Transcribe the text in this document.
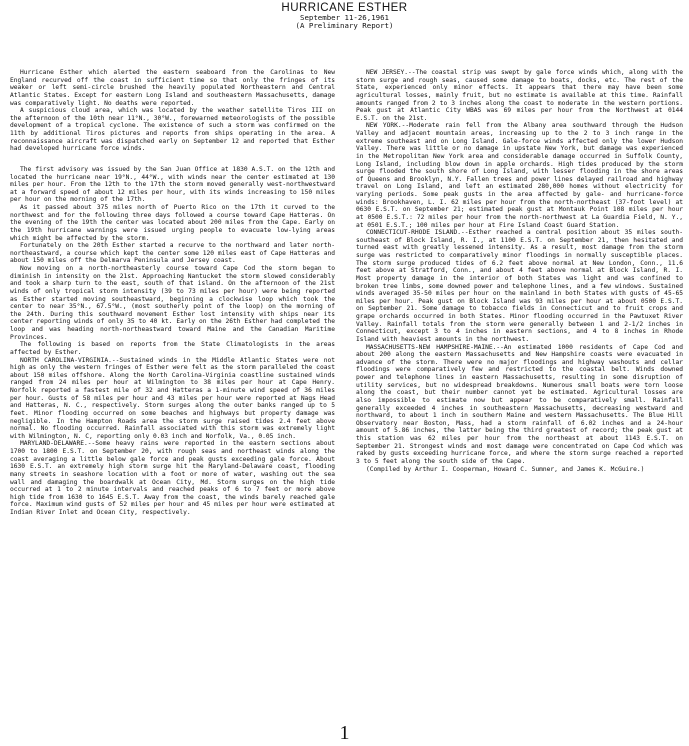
HURRICANE ESTHER
September 11-26,1961
(A Preliminary Report)

Hurricane Esther which alerted the eastern seaboard from the Carolinas to New England recurved off the coast in sufficient time so that only the fringes of its weaker or left semi-circle brushed the heavily populated Northeastern and Central Atlantic States. Except for eastern Long Island and southeastern Massachusetts, damage was comparatively light. No deaths were reported.

A suspicious cloud area, which was located by the weather satellite Tiros III on the afternoon of the 10th near 11°N., 30°W., forewarned meteorologists of the possible development of a tropical cyclone. The existence of such a storm was confirmed on the 11th by additional Tiros pictures and reports from ships operating in the area. A reconnaissance aircraft was dispatched early on September 12 and reported that Esther had developed hurricane force winds.

The first advisory was issued by the San Juan Office at 1830 A.S.T. on the 12th and located the hurricane near 19°N., 44°W., with winds near the center estimated at 130 miles per hour. From the 12th to the 17th the storm moved generally west-northwestward at a forward speed of about 12 miles per hour, with its winds increasing to 150 miles per hour on the morning of the 17th.

As it passed about 375 miles north of Puerto Rico on the 17th it curved to the northwest and for the following three days followed a course toward Cape Hatteras. On the evening of the 19th the center was located about 200 miles from the Cape. Early on the 19th hurricane warnings were issued urging people to evacuate low-lying areas which might be affected by the storm.

Fortunately on the 20th Esther started a recurve to the northward and later north-northeastward, a course which kept the center some 120 miles east of Cape Hatteras and about 150 miles off the Delmarva Peninsula and Jersey coast.

Now moving on a north-northeasterly course toward Cape Cod the storm began to diminish in intensity on the 21st. Approaching Nantucket the storm slowed considerably and took a sharp turn to the east, south of that island. On the afternoon of the 21st winds of only tropical storm intensity (39 to 73 miles per hour) were being reported as Esther started moving southeastward, beginning a clockwise loop which took the center to near 35°N., 67.5°W., (most southerly point of the loop) on the morning of the 24th. During this southward movement Esther lost intensity with ships near its center reporting winds of only 35 to 40 kt. Early on the 26th Esther had completed the loop and was heading north-northeastward toward Maine and the Canadian Maritime Provinces.

The following is based on reports from the State Climatologists in the areas affected by Esther.

NORTH CAROLINA-VIRGINIA.--Sustained winds in the Middle Atlantic States were not high as only the western fringes of Esther were felt as the storm paralleled the coast about 150 miles offshore. Along the North Carolina-Virginia coastline sustained winds ranged from 24 miles per hour at Wilmington to 38 miles per hour at Cape Henry. Norfolk reported a fastest mile of 32 and Hatteras a 1-minute wind speed of 36 miles per hour. Gusts of 58 miles per hour and 43 miles per hour were reported at Nags Head and Hatteras, N. C., respectively. Storm surges along the outer banks ranged up to 5 feet. Minor flooding occurred on some beaches and highways but property damage was negligible. In the Hampton Roads area the storm surge raised tides 2.4 feet above normal. No flooding occurred. Rainfall associated with this storm was extremely light with Wilmington, N. C, reporting only 0.03 inch and Norfolk, Va., 0.05 inch.

MARYLAND-DELAWARE.--Some heavy rains were reported in the eastern sections about 1700 to 1800 E.S.T. on September 20, with rough seas and northeast winds along the coast averaging a little below gale force and peak gusts exceeding gale force. About 1630 E.S.T. an extremely high storm surge hit the Maryland-Delaware coast, flooding many streets in seashore location with a foot or more of water, washing out the sea wall and damaging the boardwalk at Ocean City, Md. Storm surges on the high tide occurred at 1 to 2 minute intervals and reached peaks of 6 to 7 feet or more above high tide from 1630 to 1645 E.S.T. Away from the coast, the winds barely reached gale force. Maximum wind gusts of 52 miles per hour and 45 miles per hour were estimated at Indian River Inlet and Ocean City, respectively.

NEW JERSEY.--The coastal strip was swept by gale force winds which, along with the storm surge and rough seas, caused some damage to boats, docks, etc. The rest of the State, experienced only minor effects. It appears that there may have been some agricultural losses, mainly fruit, but no estimate is available at this time. Rainfall amounts ranged from 2 to 3 inches along the coast to moderate in the western portions. Peak gust at Atlantic City WBAS was 69 miles per hour from the Northwest at 0144 E.S.T. on the 21st.

NEW YORK.--Moderate rain fell from the Albany area southward through the Hudson Valley and adjacent mountain areas, increasing up to the 2 to 3 inch range in the extreme southeast and on Long Island. Gale-force winds affected only the lower Hudson Valley. There was little or no damage in upstate New York, but damage was experienced in the Metropolitan New York area and considerable damage occurred in Suffolk County, Long Island, including blow down in apple orchards. High tides produced by the storm surge flooded the south shore of Long Island, with lesser flooding in the shore areas of Queens and Brooklyn, N.Y. Fallen trees and power lines delayed railroad and highway travel on Long Island, and left an estimated 280,000 homes without electricity for varying periods. Some peak gusts in the area affected by gale- and hurricane-force winds: Brookhaven, L. I. 62 miles per hour from the north-northeast (37-foot level) at 0630 E.S.T. on September 21; estimated peak gust at Montauk Point 108 miles per hour at 0500 E.S.T.: 72 miles per hour from the north-northwest at La Guardia Field, N. Y., at 0501 E.S.T.; 100 miles per hour at Fire Island Coast Guard Station.

CONNECTICUT-RHODE ISLAND.--Esther reached a central position about 35 miles south-southeast of Block Island, R. I., at 1100 E.S.T. on September 21, then hesitated and turned east with greatly lessened intensity. As a result, most damage from the storm surge was restricted to comparatively minor floodings in normally susceptible places. The storm surge produced tides of 6.2 feet above normal at New London, Conn., 11.6 feet above at Stratford, Conn., and about 4 feet above normal at Block Island, R. I. Most property damage in the interior of both States was light and was confined to broken tree limbs, some downed power and telephone lines, and a few windows. Sustained winds averaged 35-50 miles per hour on the mainland in both States with gusts of 45-65 miles per hour. Peak gust on Block Island was 93 miles per hour at about 0500 E.S.T. on September 21. Some damage to tobacco fields in Connecticut and to fruit crops and grape orchards occurred in both States. Minor flooding occurred in the Pawtuxet River Valley. Rainfall totals from the storm were generally between 1 and 2-1/2 inches in Connecticut, except 3 to 4 inches in eastern sections, and 4 to 8 inches in Rhode Island with heaviest amounts in the northwest.

MASSACHUSETTS-NEW HAMPSHIRE-MAINE.--An estimated 1000 residents of Cape Cod and about 200 along the eastern Massachusetts and New Hampshire coasts were evacuated in advance of the storm. There were no major floodings and highway washouts and cellar floodings were comparatively few and restricted to the coastal belt. Winds downed power and telephone lines in eastern Massachusetts, resulting in some disruption of utility services, but no widespread breakdowns. Numerous small boats were torn loose along the coast, but their number cannot yet be estimated. Agricultural losses are also impossible to estimate now but appear to be comparatively small. Rainfall generally exceeded 4 inches in southeastern Massachusetts, decreasing westward and northward, to about 1 inch in southern Maine and western Massachusetts. The Blue Hill Observatory near Boston, Mass, had a storm rainfall of 6.02 inches and a 24-hour amount of 5.86 inches, the latter being the third greatest of record; the peak gust at this station was 62 miles per hour from the northeast at about 1143 E.S.T. on September 21. Strongest winds and most damage were concentrated on Cape Cod which was raked by gusts exceeding hurricane force, and where the storm surge reached a reported 3 to 5 feet along the south side of the Cape.

(Compiled by Arthur I. Cooperman, Howard C. Sumner, and James K. McGuire.)

1
